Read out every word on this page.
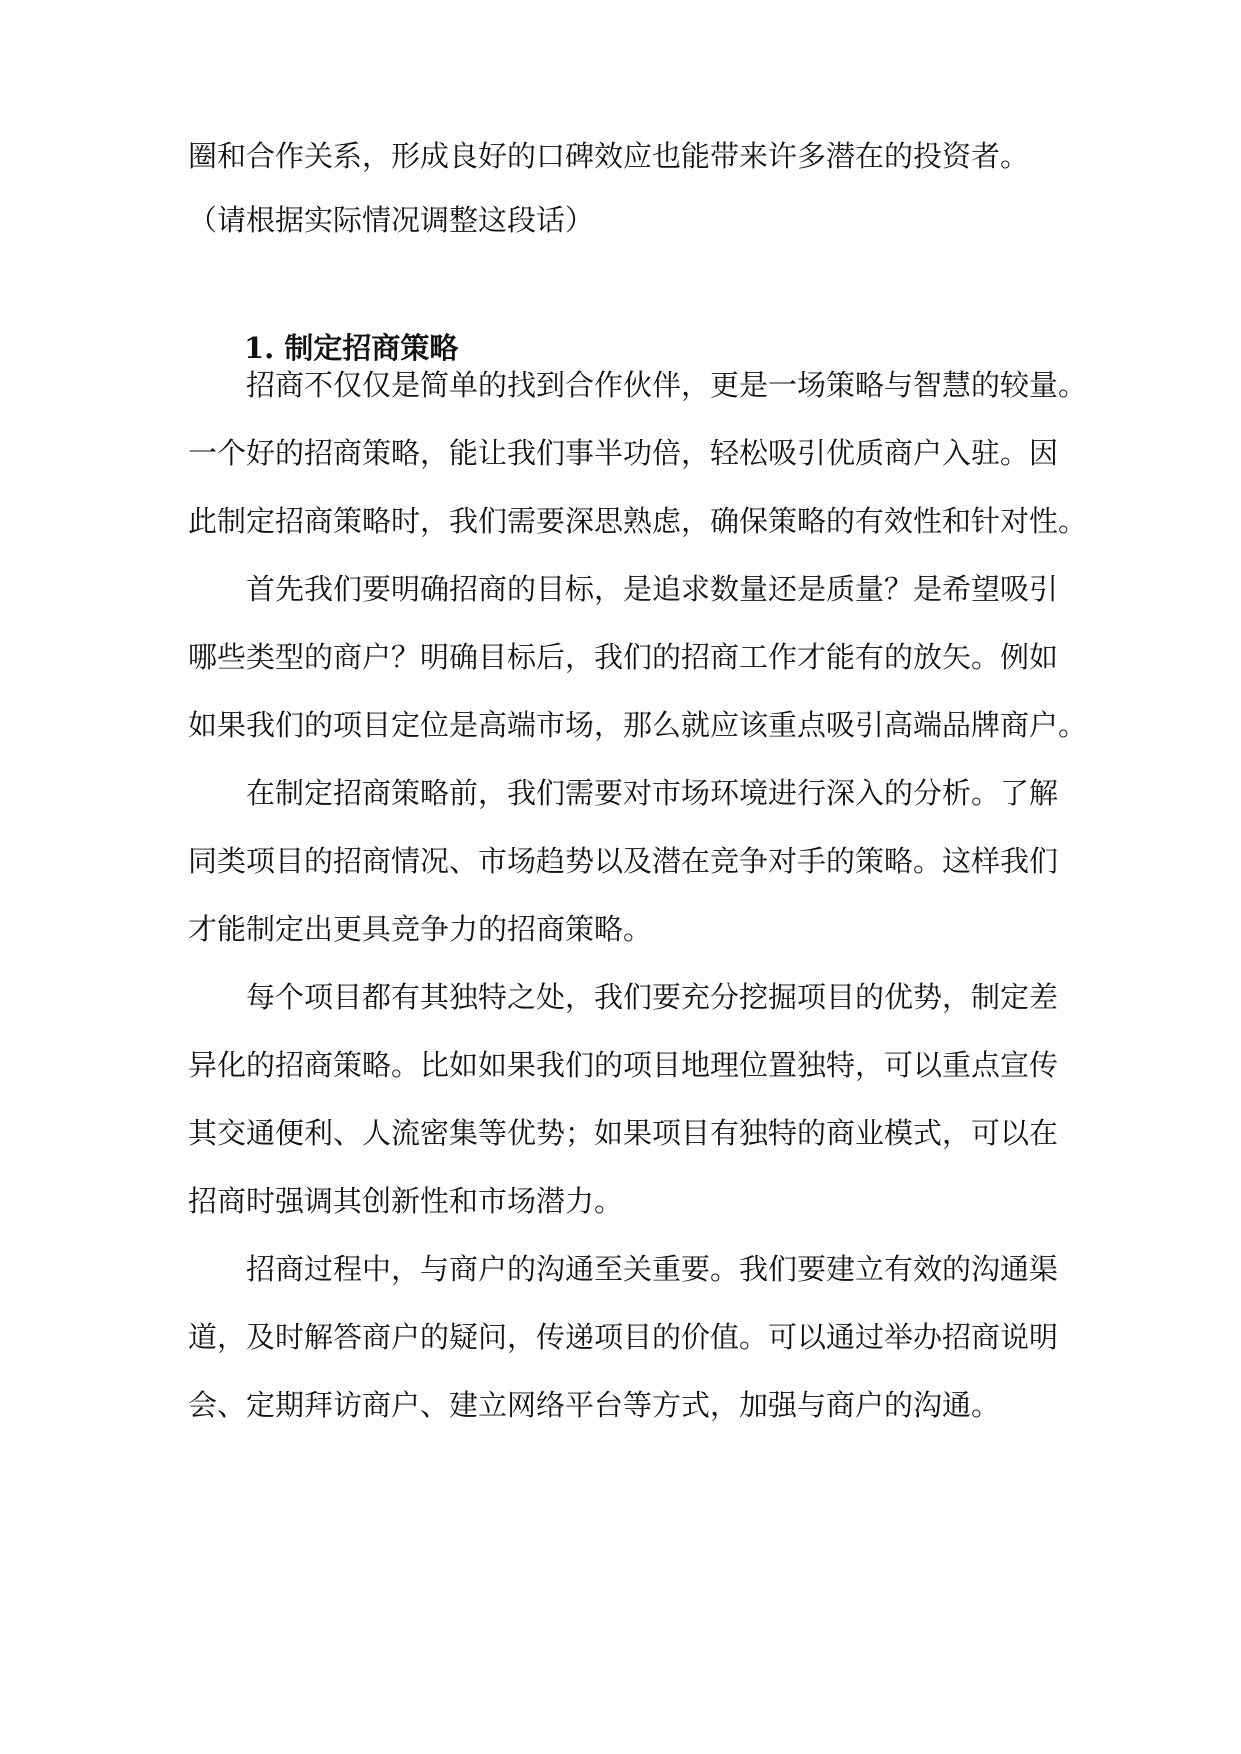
圈和合作关系，形成良好的口碑效应也能带来许多潜在的投资者。
（请根据实际情况调整这段话）
1. 制定招商策略
招商不仅仅是简单的找到合作伙伴，更是一场策略与智慧的较量。
一个好的招商策略，能让我们事半功倍，轻松吸引优质商户入驻。因
此制定招商策略时，我们需要深思熟虑，确保策略的有效性和针对性。
首先我们要明确招商的目标，是追求数量还是质量？是希望吸引
哪些类型的商户？明确目标后，我们的招商工作才能有的放矢。例如
如果我们的项目定位是高端市场，那么就应该重点吸引高端品牌商户。
在制定招商策略前，我们需要对市场环境进行深入的分析。了解
同类项目的招商情况、市场趋势以及潜在竞争对手的策略。这样我们
才能制定出更具竞争力的招商策略。
每个项目都有其独特之处，我们要充分挖掘项目的优势，制定差
异化的招商策略。比如如果我们的项目地理位置独特，可以重点宣传
其交通便利、人流密集等优势；如果项目有独特的商业模式，可以在
招商时强调其创新性和市场潜力。
招商过程中，与商户的沟通至关重要。我们要建立有效的沟通渠
道，及时解答商户的疑问，传递项目的价值。可以通过举办招商说明
会、定期拜访商户、建立网络平台等方式，加强与商户的沟通。
